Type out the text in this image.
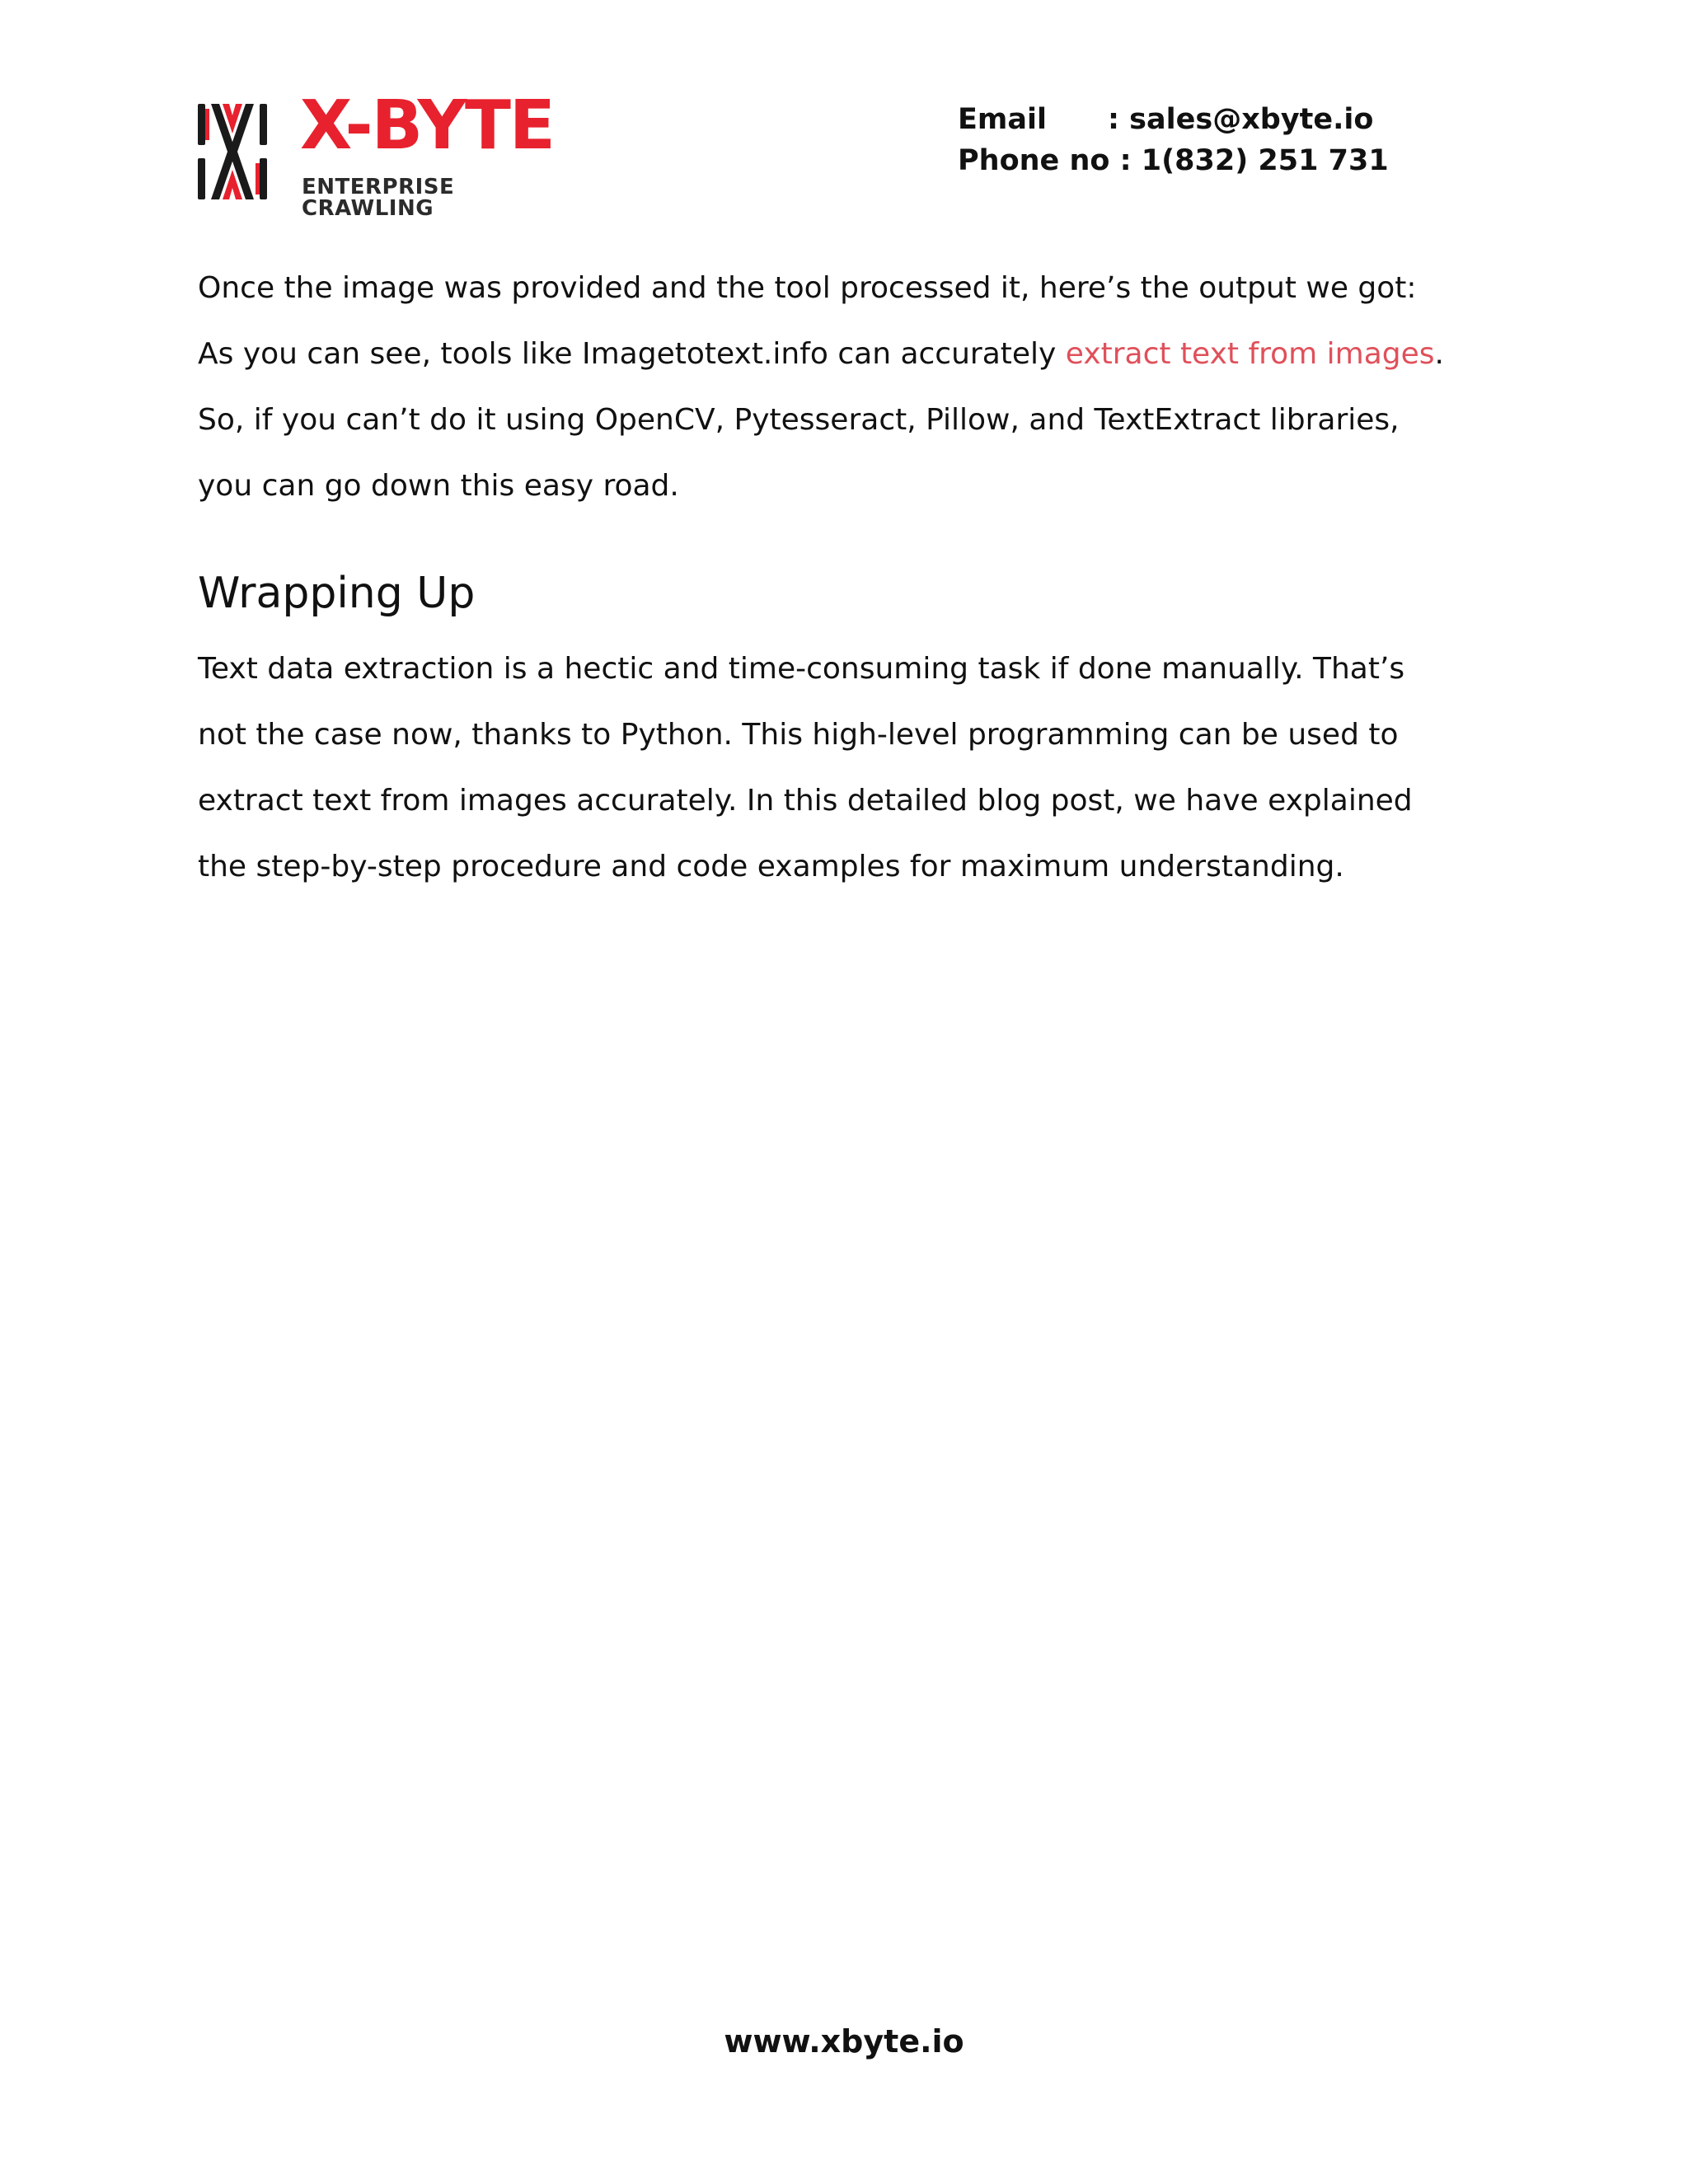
X-BYTE
ENTERPRISE CRAWLING
Email : sales@xbyte.io
Phone no : 1(832) 251 731

Once the image was provided and the tool processed it, here’s the output we got:
As you can see, tools like Imagetotext.info can accurately extract text from images.
So, if you can’t do it using OpenCV, Pytesseract, Pillow, and TextExtract libraries,
you can go down this easy road.

Wrapping Up

Text data extraction is a hectic and time-consuming task if done manually. That’s
not the case now, thanks to Python. This high-level programming can be used to
extract text from images accurately. In this detailed blog post, we have explained
the step-by-step procedure and code examples for maximum understanding.

www.xbyte.io
